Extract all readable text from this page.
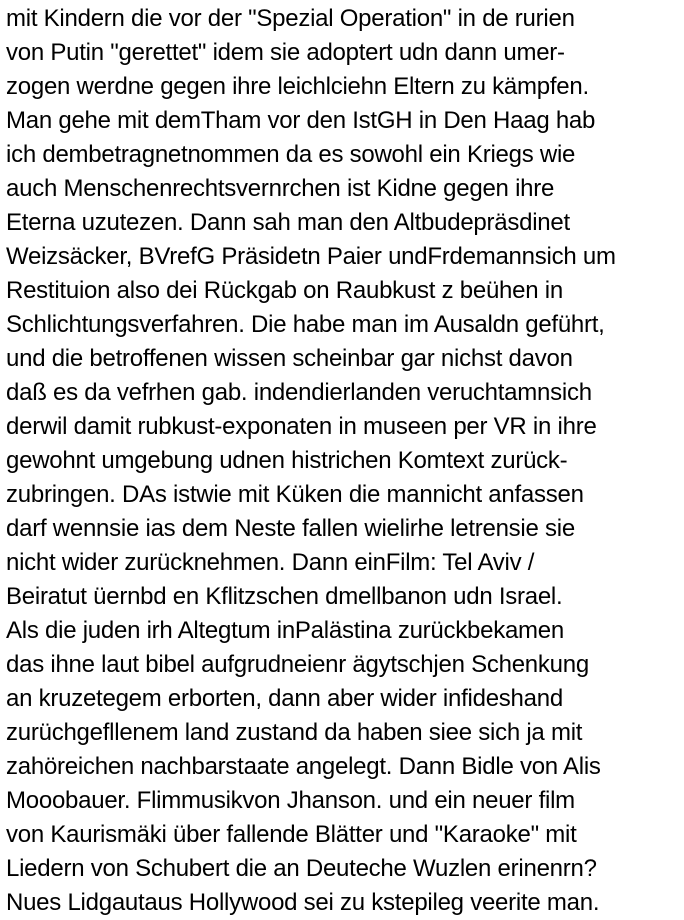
mit Kindern die vor der "Spezial Operation" in de rurien
von Putin "gerettet" idem sie adoptert udn dann umer-
zogen werdne gegen ihre leichlciehn Eltern zu kämpfen.
Man gehe mit demTham vor den IstGH in Den Haag hab
ich dembetragnetnommen da es sowohl ein Kriegs wie
auch Menschenrechtsvernrchen ist Kidne gegen ihre
Eterna uzutezen. Dann sah man den Altbudepräsdinet
Weizsäcker, BVrefG Präsidetn Paier undFrdemannsich um
Restituion also dei Rückgab on Raubkust z beühen in
Schlichtungsverfahren. Die habe man im Ausaldn geführt,
und die betroffenen wissen scheinbar gar nichst davon
daß es da vefrhen gab. indendierlanden veruchtamnsich
derwil damit rubkust-exponaten in museen per VR in ihre
gewohnt umgebung udnen histrichen Komtext zurück-
zubringen. DAs istwie mit Küken die mannicht anfassen
darf wennsie ias dem Neste fallen wielirhe letrensie sie
nicht wider zurücknehmen. Dann einFilm: Tel Aviv /
Beiratut üernbd en Kflitzschen dmellbanon udn Israel.
Als die juden irh Altegtum inPalästina zurückbekamen
das ihne laut bibel aufgrudneienr ägytschjen Schenkung
an kruzetegem erborten, dann aber wider infideshand
zurüchgefllenem land zustand da haben siee sich ja mit
zahöreichen nachbarstaate angelegt. Dann Bidle von Alis
Mooobauer. Flimmusikvon Jhanson. und ein neuer film
von Kaurismäki über fallende Blätter und "Karaoke" mit
Liedern von Schubert die an Deuteche Wuzlen erinenrn?
Nues Lidgautaus Hollywood sei zu kstepileg veerite man.
